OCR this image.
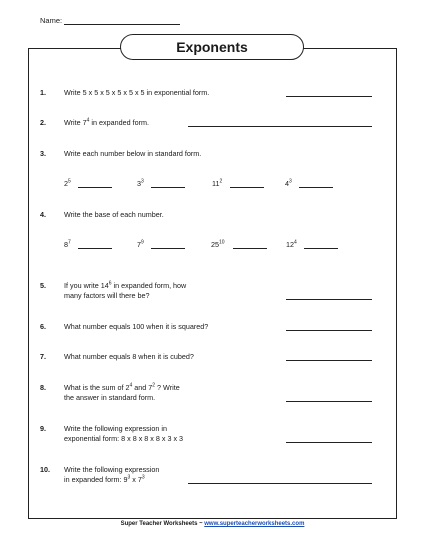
Name:
Exponents
1.	Write 5 x 5 x 5 x 5 x 5 x 5 in exponential form.
2.	Write $7^4$ in expanded form.
3.	Write each number below in standard form.
$2^5$	$3^3$	$11^2$	$4^3$
4.	Write the base of each number.
$8^7$	$7^9$	$25^{10}$	$12^4$
5.	If you write $14^6$ in expanded form, how
many factors will there be?
6.	What number equals 100 when it is squared?
7.	What number equals 8 when it is cubed?
8.	What is the sum of $2^4$ and $7^2$ ? Write
the answer in standard form.
9.	Write the following expression in
exponential form: 8 x 8 x 8 x 8 x 3 x 3
10. Write the following expression
in expanded form: $9^3$ x $7^3$
Super Teacher Worksheets ~ www.superteacherworksheets.com
